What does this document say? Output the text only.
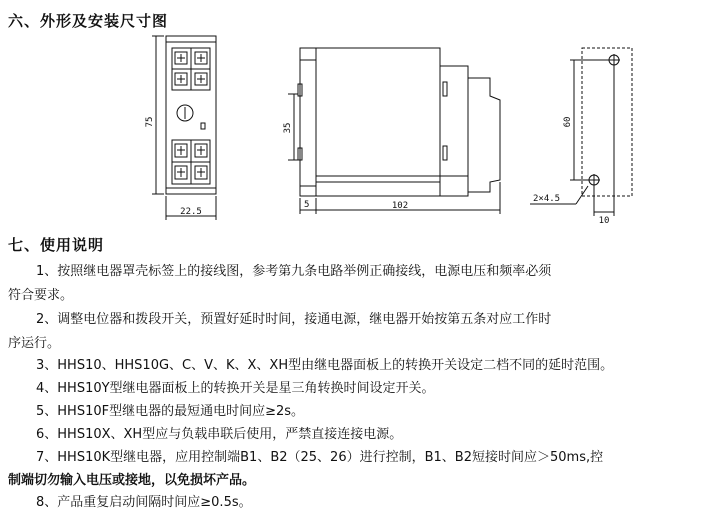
六、外形及安装尺寸图
75
22.5
35
5	102
60
2×4.5
10
七、使用说明
1、按照继电器罩壳标签上的接线图，参考第九条电路举例正确接线，电源电压和频率必须
符合要求。
2、调整电位器和拨段开关，预置好延时时间，接通电源，继电器开始按第五条对应工作时
序运行。
3、HHS10、HHS10G、C、V、K、X、XH型由继电器面板上的转换开关设定二档不同的延时范围。
4、HHS10Y型继电器面板上的转换开关是星三角转换时间设定开关。
5、HHS10F型继电器的最短通电时间应≥2s。
6、HHS10X、XH型应与负载串联后使用，严禁直接连接电源。
7、HHS10K型继电器，应用控制端B1、B2（25、26）进行控制，B1、B2短接时间应＞50ms,控
制端切勿输入电压或接地，以免损坏产品。
8、产品重复启动间隔时间应≥0.5s。
